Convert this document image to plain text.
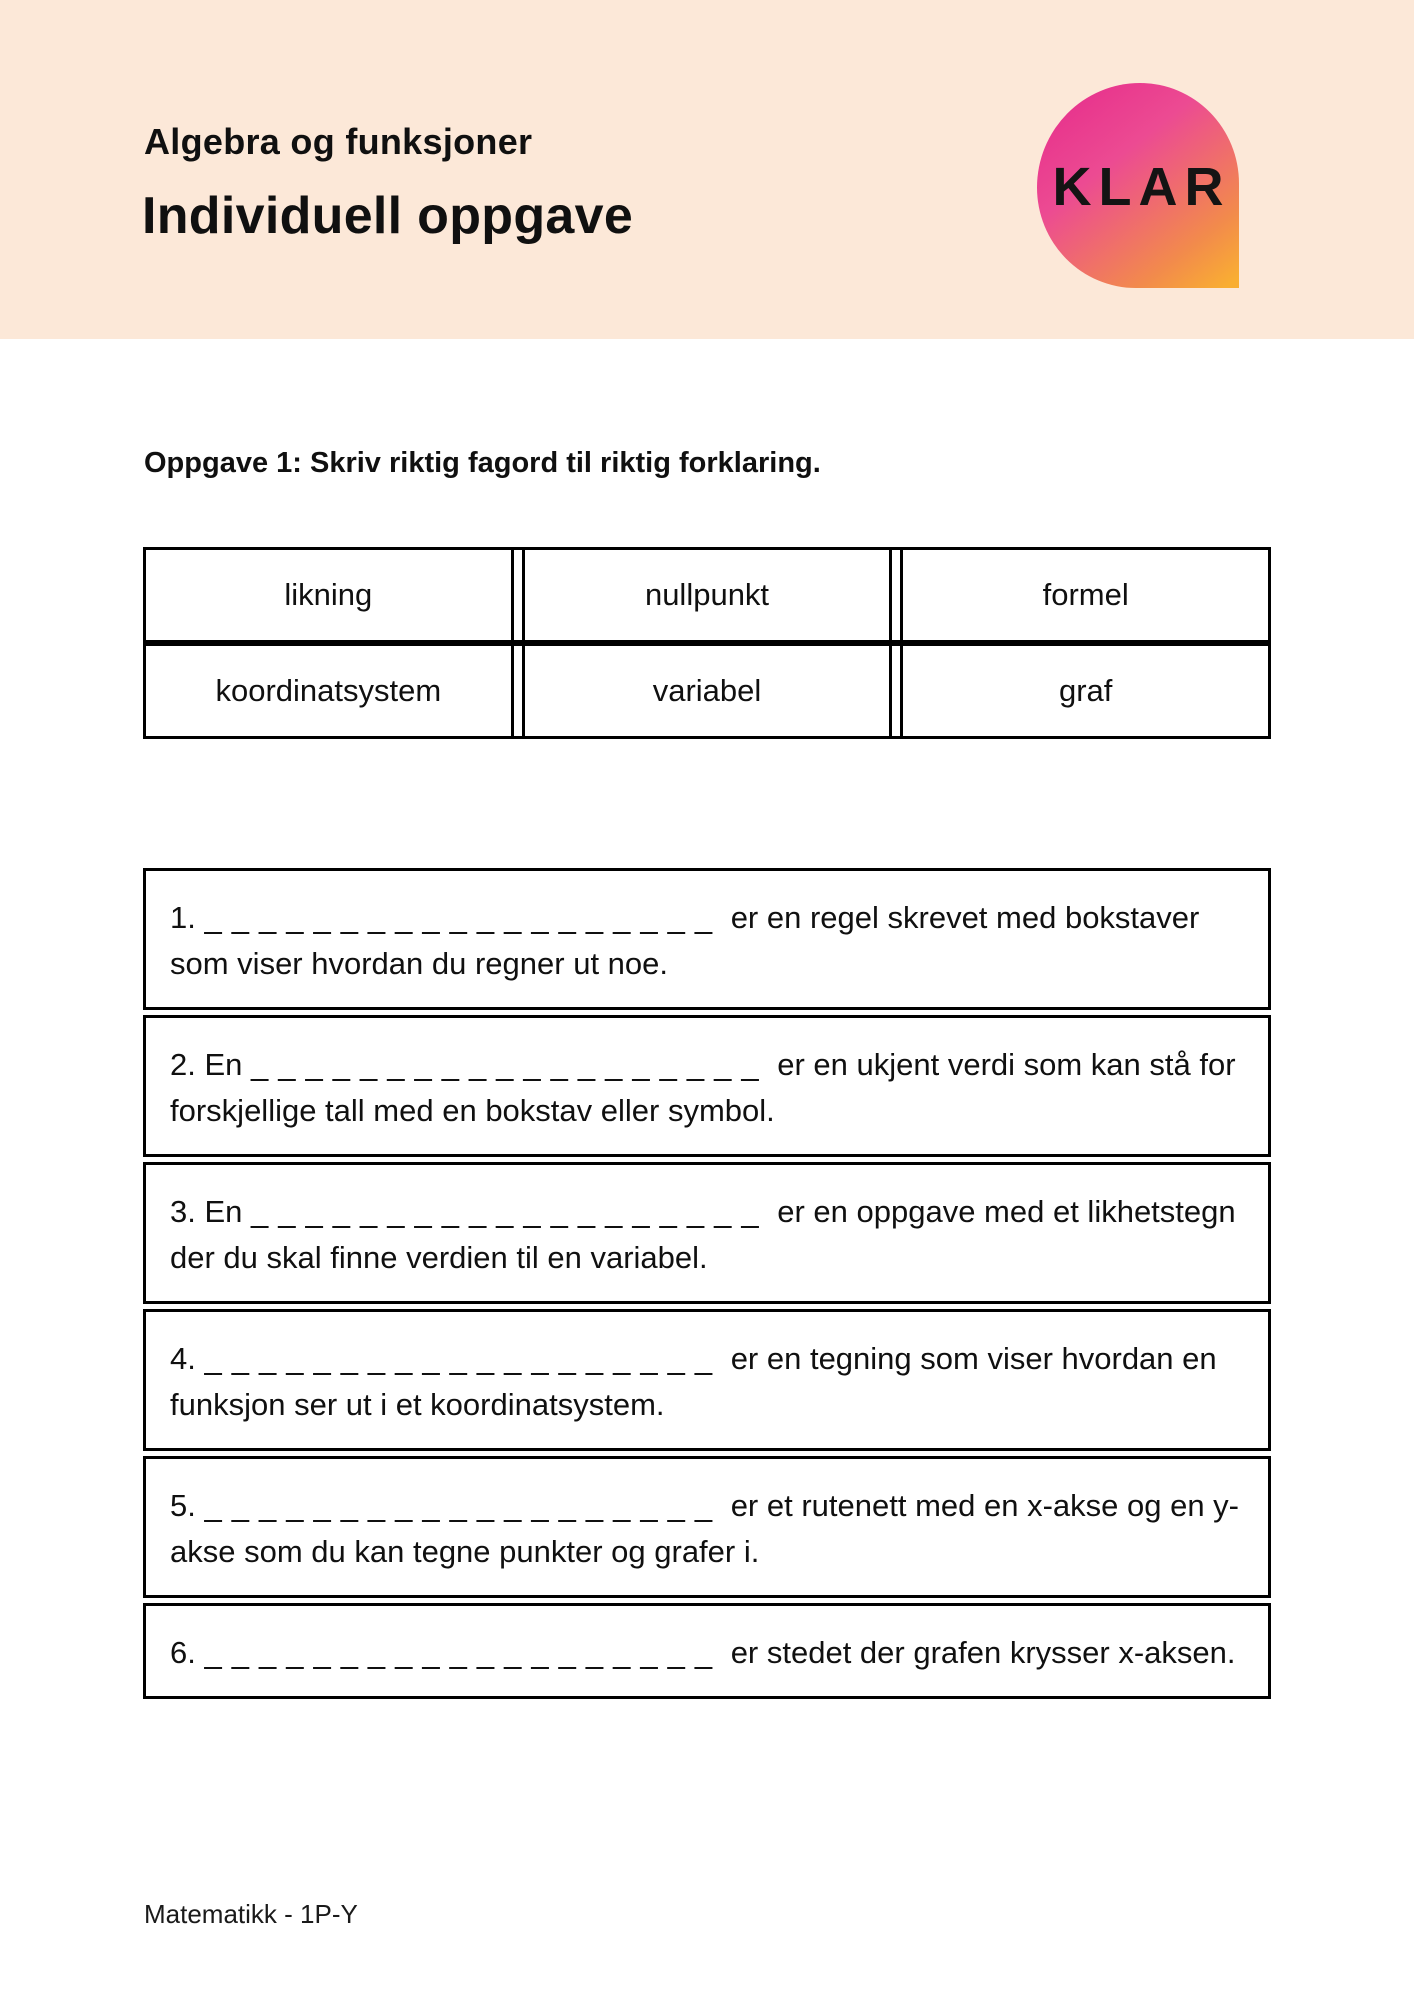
Algebra og funksjoner
Individuell oppgave	KLAR
Oppgave 1: Skriv riktig fagord til riktig forklaring.
likning	nullpunkt	formel
koordinatsystem	variabel	graf
1. ___________________ er en regel skrevet med bokstaver som viser hvordan du regner ut noe.
2. En ___________________ er en ukjent verdi som kan stå for forskjellige tall med en bokstav eller symbol.
3. En ___________________ er en oppgave med et likhetstegn der du skal finne verdien til en variabel.
4. ___________________ er en tegning som viser hvordan en funksjon ser ut i et koordinatsystem.
5. ___________________ er et rutenett med en x-akse og en y-akse som du kan tegne punkter og grafer i.
6. ___________________ er stedet der grafen krysser x-aksen.
Matematikk - 1P-Y
